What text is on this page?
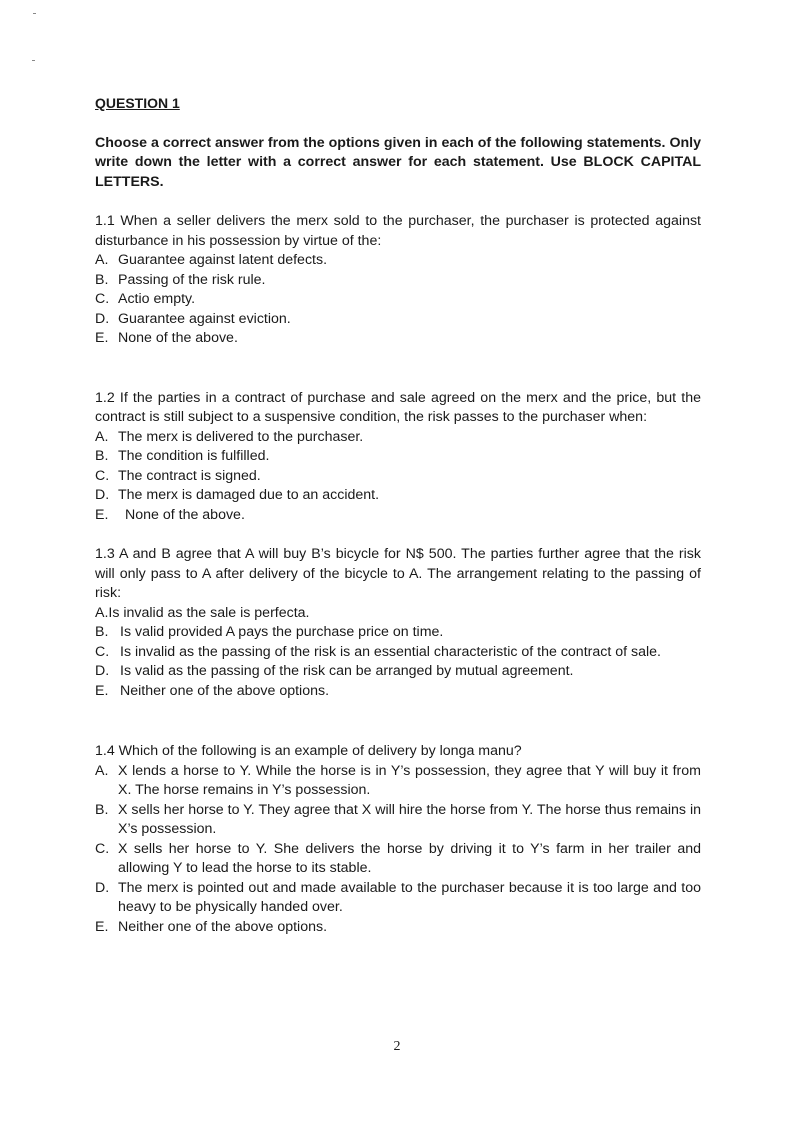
QUESTION 1

Choose a correct answer from the options given in each of the following statements. Only write down the letter with a correct answer for each statement. Use BLOCK CAPITAL LETTERS.

1.1 When a seller delivers the merx sold to the purchaser, the purchaser is protected against disturbance in his possession by virtue of the:

A. Guarantee against latent defects.
B. Passing of the risk rule.
C. Actio empty.
D. Guarantee against eviction.
E. None of the above.

1.2 If the parties in a contract of purchase and sale agreed on the merx and the price, but the contract is still subject to a suspensive condition, the risk passes to the purchaser when:

A. The merx is delivered to the purchaser.
B. The condition is fulfilled.
C. The contract is signed.
D. The merx is damaged due to an accident.
E. None of the above.

1.3 A and B agree that A will buy B’s bicycle for N$ 500. The parties further agree that the risk will only pass to A after delivery of the bicycle to A. The arrangement relating to the passing of risk:

A.Is invalid as the sale is perfecta.
B. Is valid provided A pays the purchase price on time.
C. Is invalid as the passing of the risk is an essential characteristic of the contract of sale.
D. Is valid as the passing of the risk can be arranged by mutual agreement.
E. Neither one of the above options.

1.4 Which of the following is an example of delivery by longa manu?

A. X lends a horse to Y. While the horse is in Y’s possession, they agree that Y will buy it from X. The horse remains in Y’s possession.
B. X sells her horse to Y. They agree that X will hire the horse from Y. The horse thus remains in X’s possession.
C. X sells her horse to Y. She delivers the horse by driving it to Y’s farm in her trailer and allowing Y to lead the horse to its stable.
D. The merx is pointed out and made available to the purchaser because it is too large and too heavy to be physically handed over.
E. Neither one of the above options.
2
